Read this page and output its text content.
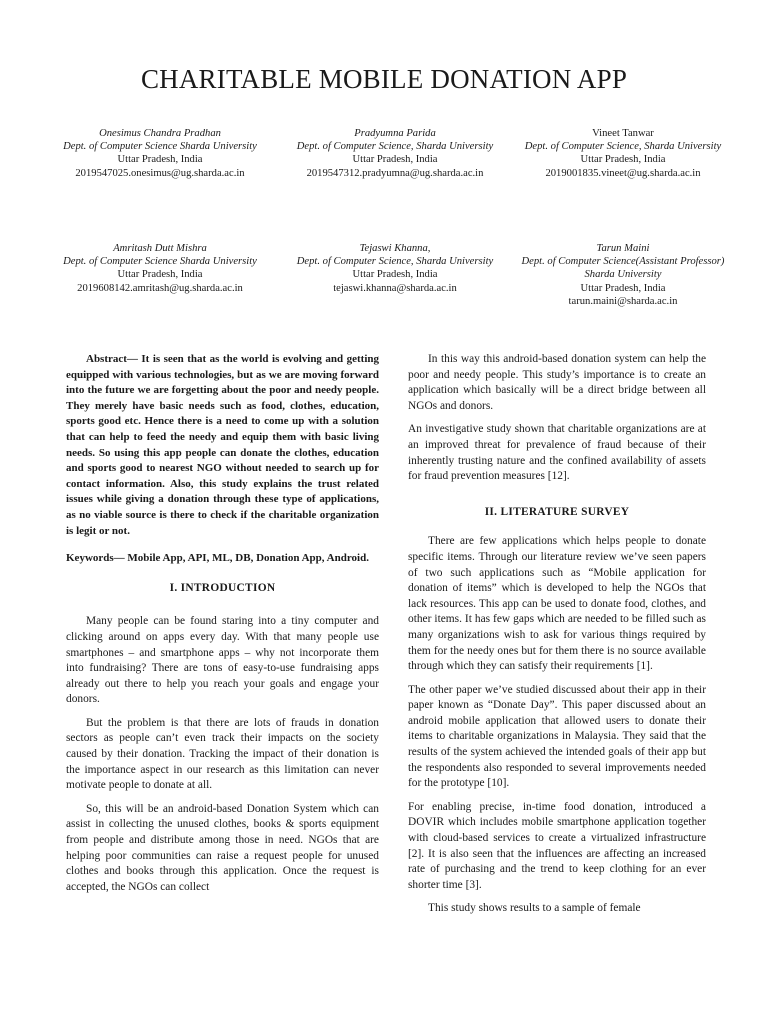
CHARITABLE MOBILE DONATION APP
Onesimus Chandra Pradhan
Dept. of Computer Science Sharda University
Uttar Pradesh, India
2019547025.onesimus@ug.sharda.ac.in
Pradyumna Parida
Dept. of Computer Science, Sharda University
Uttar Pradesh, India
2019547312.pradyumna@ug.sharda.ac.in
Vineet Tanwar
Dept. of Computer Science, Sharda University
Uttar Pradesh, India
2019001835.vineet@ug.sharda.ac.in
Amritash Dutt Mishra
Dept. of Computer Science Sharda University
Uttar Pradesh, India
2019608142.amritash@ug.sharda.ac.in
Tejaswi Khanna,
Dept. of Computer Science, Sharda University
Uttar Pradesh, India
tejaswi.khanna@sharda.ac.in
Tarun Maini
Dept. of Computer Science(Assistant Professor) Sharda University
Uttar Pradesh, India
tarun.maini@sharda.ac.in

Abstract— It is seen that as the world is evolving and getting equipped with various technologies, but as we are moving forward into the future we are forgetting about the poor and needy people. They merely have basic needs such as food, clothes, education, sports good etc. Hence there is a need to come up with a solution that can help to feed the needy and equip them with basic living needs. So using this app people can donate the clothes, education and sports good to nearest NGO without needed to search up for contact information. Also, this study explains the trust related issues while giving a donation through these type of applications, as no viable source is there to check if the charitable organization is legit or not.

Keywords— Mobile App, API, ML, DB, Donation App, Android.

I. INTRODUCTION

Many people can be found staring into a tiny computer and clicking around on apps every day. With that many people use smartphones – and smartphone apps – why not incorporate them into fundraising? There are tons of easy-to-use fundraising apps already out there to help you reach your goals and engage your donors.

But the problem is that there are lots of frauds in donation sectors as people can’t even track their impacts on the society caused by their donation. Tracking the impact of their donation is the importance aspect in our research as this limitation can never motivate people to donate at all.

So, this will be an android-based Donation System which can assist in collecting the unused clothes, books & sports equipment from people and distribute among those in need. NGOs that are helping poor communities can raise a request people for unused clothes and books through this application. Once the request is accepted, the NGOs can collect

In this way this android-based donation system can help the poor and needy people. This study’s importance is to create an application which basically will be a direct bridge between all NGOs and donors.

An investigative study shown that charitable organizations are at an improved threat for prevalence of fraud because of their inherently trusting nature and the confined availability of assets for fraud prevention measures [12].

II. LITERATURE SURVEY

There are few applications which helps people to donate specific items. Through our literature review we’ve seen papers of two such applications such as “Mobile application for donation of items” which is developed to help the NGOs that lack resources. This app can be used to donate food, clothes, and other items. It has few gaps which are needed to be filled such as many organizations wish to ask for various things required by them for the needy ones but for them there is no source available through which they can satisfy their requirements [1].

The other paper we’ve studied discussed about their app in their paper known as “Donate Day”. This paper discussed about an android mobile application that allowed users to donate their items to charitable organizations in Malaysia. They said that the results of the system achieved the intended goals of their app but the respondents also responded to several improvements needed for the prototype [10].

For enabling precise, in-time food donation, introduced a DOVIR which includes mobile smartphone application together with cloud-based services to create a virtualized infrastructure [2]. It is also seen that the influences are affecting an increased rate of purchasing and the trend to keep clothing for an ever shorter time [3].

This study shows results to a sample of female
